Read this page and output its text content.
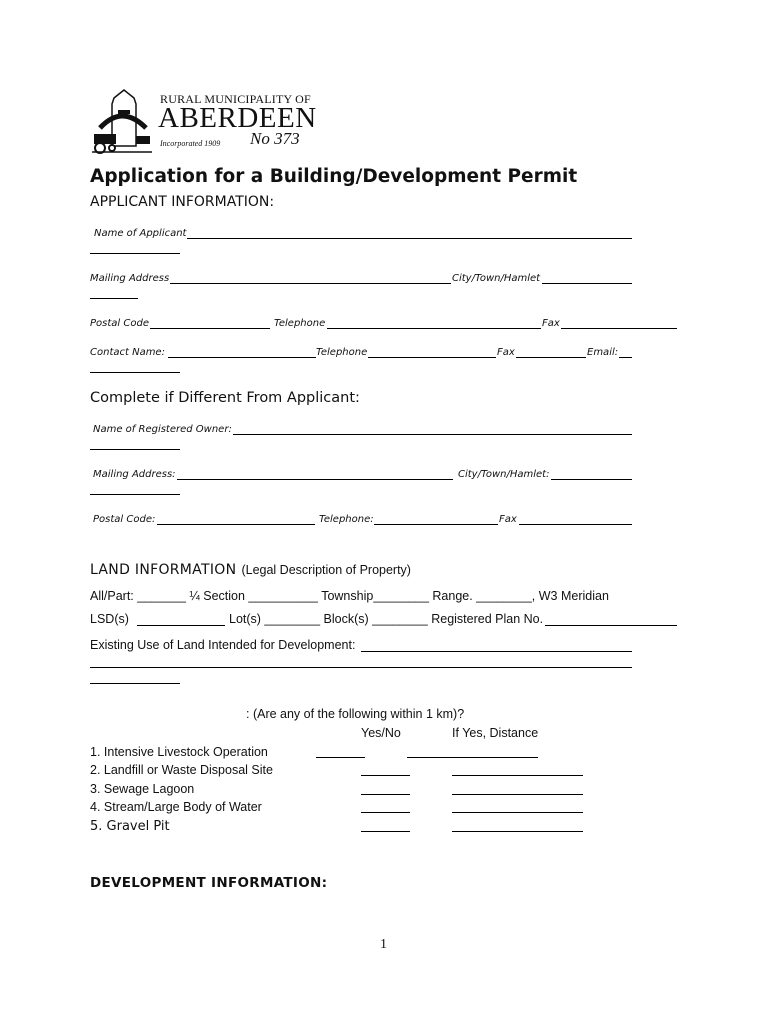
RURAL MUNICIPALITY OF
ABERDEEN
Incorporated 1909 No 373
Application for a Building/Development Permit
APPLICANT INFORMATION:
Name of Applicant
Mailing Address	City/Town/Hamlet
Postal Code	Telephone	Fax
Contact Name:	Telephone	Fax	Email:
Complete if Different From Applicant:
Name of Registered Owner:
Mailing Address:	City/Town/Hamlet:
Postal Code:	Telephone:	Fax
LAND INFORMATION (Legal Description of Property)
All/Part: _______ ¼ Section __________ Township________ Range. ________, W3 Meridian
LSD(s)	Lot(s) ________ Block(s) ________ Registered Plan No.
Existing Use of Land Intended for Development:
: (Are any of the following within 1 km)?
Yes/No	If Yes, Distance
1. Intensive Livestock Operation
2. Landfill or Waste Disposal Site
3. Sewage Lagoon
4. Stream/Large Body of Water
5. Gravel Pit
DEVELOPMENT INFORMATION:
1
